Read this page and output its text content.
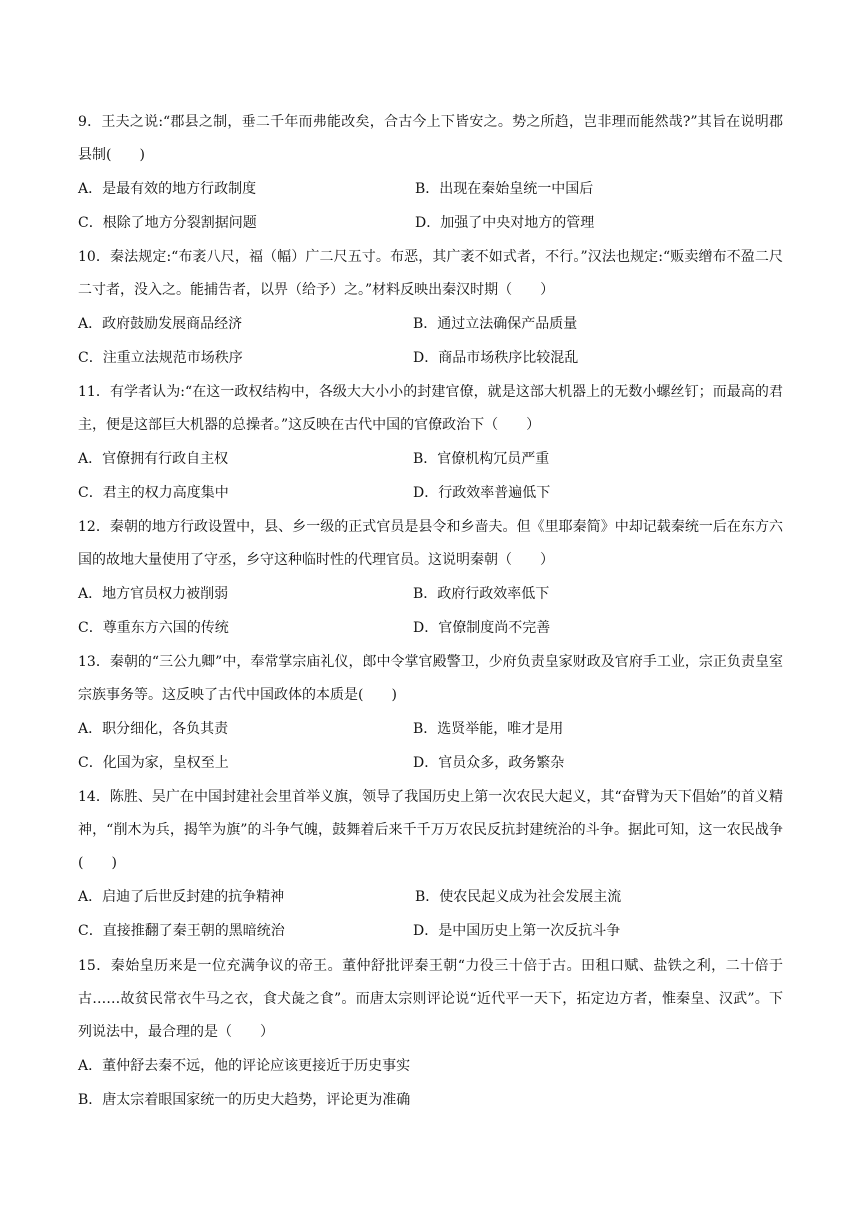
9．王夫之说:“郡县之制，垂二千年而弗能改矣，合古今上下皆安之。势之所趋，岂非理而能然哉?”其旨在说明郡县制(　　)

A．是最有效的地方行政制度	B．出现在秦始皇统一中国后
C．根除了地方分裂割据问题	D．加强了中央对地方的管理

10．秦法规定:“布袤八尺，福（幅）广二尺五寸。布恶，其广袤不如式者，不行。”汉法也规定:“贩卖缯布不盈二尺二寸者，没入之。能捕告者，以畀（给予）之。”材料反映出秦汉时期（　　）

A．政府鼓励发展商品经济	B．通过立法确保产品质量
C．注重立法规范市场秩序	D．商品市场秩序比较混乱

11．有学者认为:“在这一政权结构中，各级大大小小的封建官僚，就是这部大机器上的无数小螺丝钉；而最高的君主，便是这部巨大机器的总操者。”这反映在古代中国的官僚政治下（　　）

A．官僚拥有行政自主权	B．官僚机构冗员严重
C．君主的权力高度集中	D．行政效率普遍低下

12．秦朝的地方行政设置中，县、乡一级的正式官员是县令和乡啬夫。但《里耶秦简》中却记载秦统一后在东方六国的故地大量使用了守丞，乡守这种临时性的代理官员。这说明秦朝（　　）

A．地方官员权力被削弱	B．政府行政效率低下
C．尊重东方六国的传统	D．官僚制度尚不完善

13．秦朝的“三公九卿”中，奉常掌宗庙礼仪，郎中令掌官殿警卫，少府负责皇家财政及官府手工业，宗正负责皇室宗族事务等。这反映了古代中国政体的本质是(　　)

A．职分细化，各负其责	B．选贤举能，唯才是用
C．化国为家，皇权至上	D．官员众多，政务繁杂

14．陈胜、吴广在中国封建社会里首举义旗，领导了我国历史上第一次农民大起义，其“奋臂为天下倡始”的首义精神，“削木为兵，揭竿为旗”的斗争气魄，鼓舞着后来千千万万农民反抗封建统治的斗争。据此可知，这一农民战争(　　)

A．启迪了后世反封建的抗争精神	B．使农民起义成为社会发展主流
C．直接推翻了秦王朝的黑暗统治	D．是中国历史上第一次反抗斗争

15．秦始皇历来是一位充满争议的帝王。董仲舒批评秦王朝“力役三十倍于古。田租口赋、盐铁之利，二十倍于古……故贫民常衣牛马之衣，食犬彘之食”。而唐太宗则评论说“近代平一天下，拓定边方者，惟秦皇、汉武”。下列说法中，最合理的是（　　）

A．董仲舒去秦不远，他的评论应该更接近于历史事实
B．唐太宗着眼国家统一的历史大趋势，评论更为准确
